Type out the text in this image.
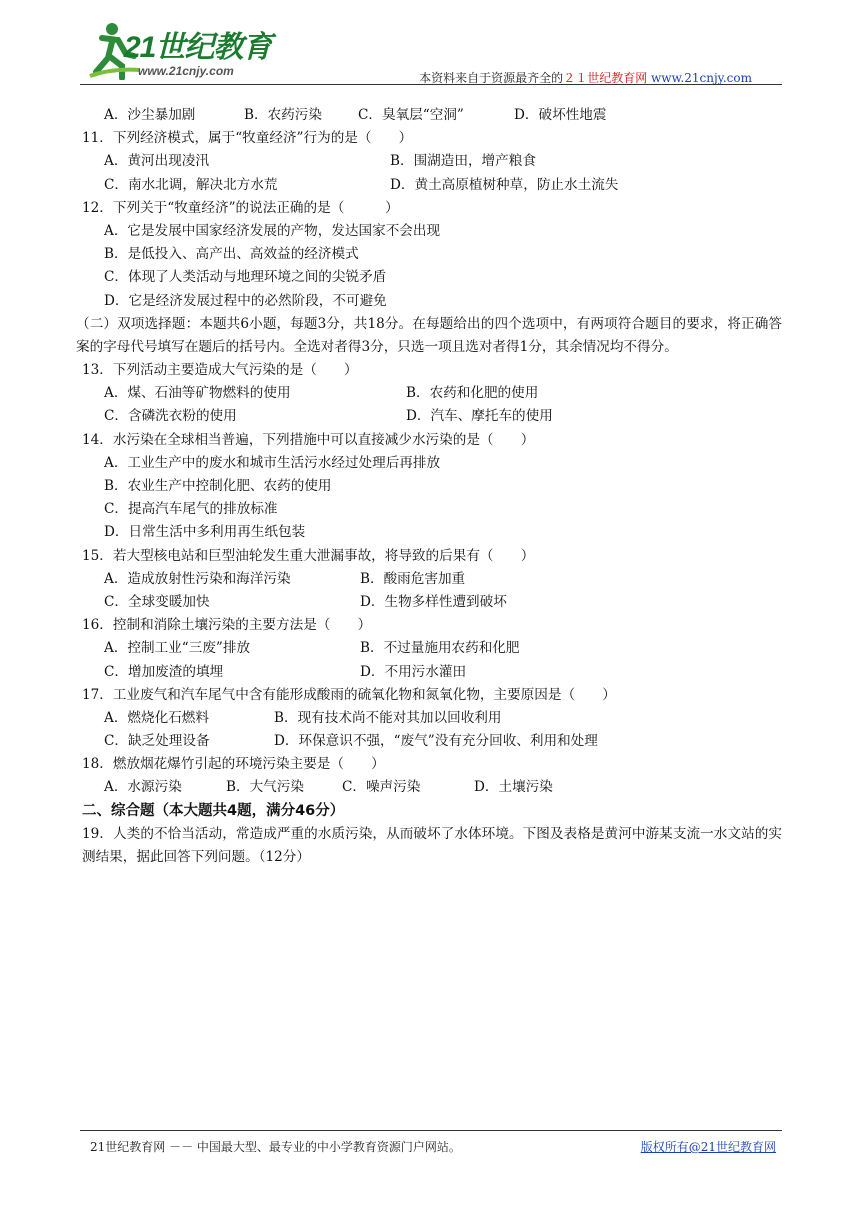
21世纪教育
www.21cnjy.com	本资料来自于资源最齐全的２１世纪教育网 www.21cnjy.com
A．沙尘暴加剧	B．农药污染	C．臭氧层“空洞”	D．破坏性地震
11．下列经济模式，属于“牧童经济”行为的是（　　）
A．黄河出现凌汛	B．围湖造田，增产粮食
C．南水北调，解决北方水荒	D．黄土高原植树种草，防止水土流失
12．下列关于“牧童经济”的说法正确的是（　　　）
A．它是发展中国家经济发展的产物，发达国家不会出现
B．是低投入、高产出、高效益的经济模式
C．体现了人类活动与地理环境之间的尖锐矛盾
D．它是经济发展过程中的必然阶段，不可避免
（二）双项选择题：本题共6小题，每题3分，共18分。在每题给出的四个选项中，有两项符合题目的要求，将正确答案的字母代号填写在题后的括号内。全选对者得3分，只选一项且选对者得1分，其余情况均不得分。
13．下列活动主要造成大气污染的是（　　）
A．煤、石油等矿物燃料的使用	B．农药和化肥的使用
C．含磷洗衣粉的使用	D．汽车、摩托车的使用
14．水污染在全球相当普遍，下列措施中可以直接减少水污染的是（　　）
A．工业生产中的废水和城市生活污水经过处理后再排放
B．农业生产中控制化肥、农药的使用
C．提高汽车尾气的排放标准
D．日常生活中多利用再生纸包装
15．若大型核电站和巨型油轮发生重大泄漏事故，将导致的后果有（　　）
A．造成放射性污染和海洋污染	B．酸雨危害加重
C．全球变暖加快	D．生物多样性遭到破坏
16．控制和消除土壤污染的主要方法是（　　）
A．控制工业“三废”排放	B．不过量施用农药和化肥
C．增加废渣的填埋	D．不用污水灌田
17．工业废气和汽车尾气中含有能形成酸雨的硫氧化物和氮氧化物，主要原因是（　　）
A．燃烧化石燃料	B．现有技术尚不能对其加以回收利用
C．缺乏处理设备	D．环保意识不强，“废气”没有充分回收、利用和处理
18．燃放烟花爆竹引起的环境污染主要是（　　）
A．水源污染	B．大气污染	C．噪声污染	D．土壤污染
二、综合题（本大题共4题，满分46分）
19．人类的不恰当活动，常造成严重的水质污染，从而破坏了水体环境。下图及表格是黄河中游某支流一水文站的实测结果，据此回答下列问题。（12分）
21世纪教育网 －－ 中国最大型、最专业的中小学教育资源门户网站。	版权所有@21世纪教育网
